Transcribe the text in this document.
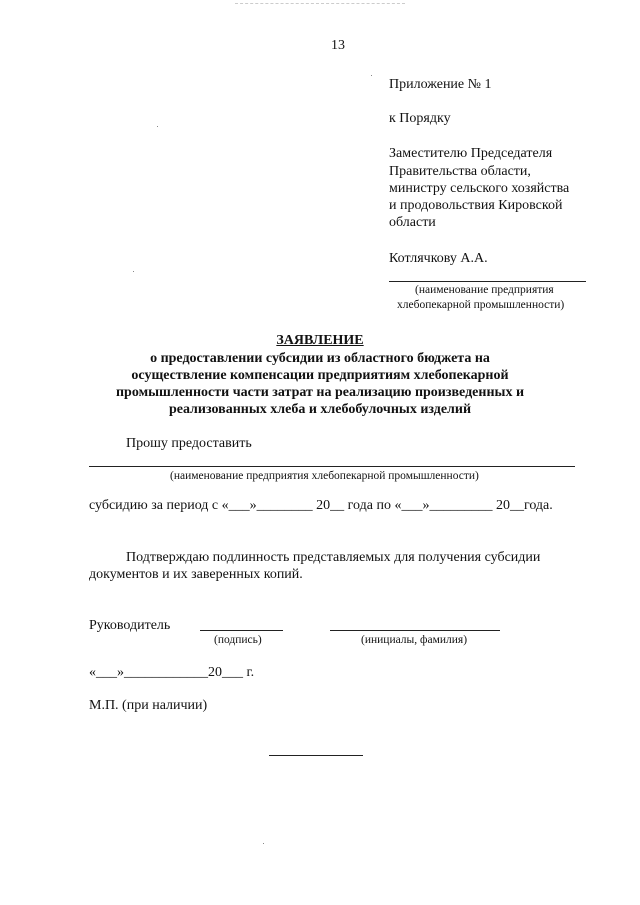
13
Приложение № 1
к Порядку
Заместителю Председателя
Правительства области,
министру сельского хозяйства
и продовольствия Кировской
области
Котлячкову А.А.
(наименование предприятия
хлебопекарной промышленности)
ЗАЯВЛЕНИЕ
о предоставлении субсидии из областного бюджета на
осуществление компенсации предприятиям хлебопекарной
промышленности части затрат на реализацию произведенных и
реализованных хлеба и хлебобулочных изделий
Прошу предоставить
(наименование предприятия хлебопекарной промышленности)
субсидию за период с «___»________ 20__ года по «___»_________ 20__года.
Подтверждаю подлинность представляемых для получения субсидии
документов и их заверенных копий.
Руководитель
(подпись)	(инициалы, фамилия)
«___»____________20___ г.
М.П. (при наличии)
